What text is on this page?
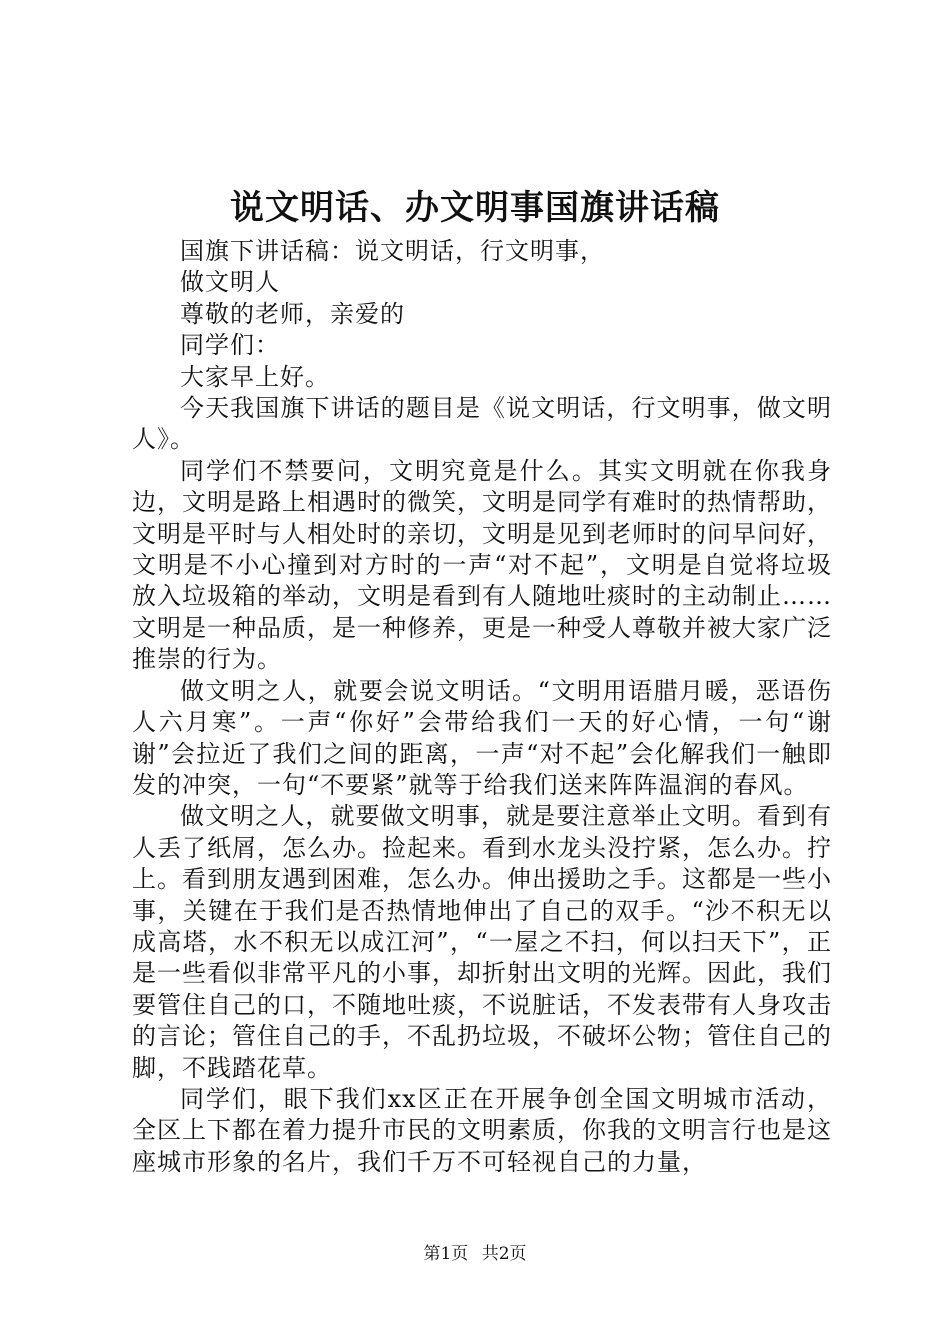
说文明话、办文明事国旗讲话稿

国旗下讲话稿：说文明话，行文明事，

做文明人

尊敬的老师，亲爱的

同学们：

大家早上好。

今天我国旗下讲话的题目是《说文明话，行文明事，做文明人》。

同学们不禁要问，文明究竟是什么。其实文明就在你我身边，文明是路上相遇时的微笑，文明是同学有难时的热情帮助，文明是平时与人相处时的亲切，文明是见到老师时的问早问好，文明是不小心撞到对方时的一声“对不起”，文明是自觉将垃圾放入垃圾箱的举动，文明是看到有人随地吐痰时的主动制止……文明是一种品质，是一种修养，更是一种受人尊敬并被大家广泛推崇的行为。

做文明之人，就要会说文明话。“文明用语腊月暖，恶语伤人六月寒”。一声“你好”会带给我们一天的好心情，一句“谢谢”会拉近了我们之间的距离，一声“对不起”会化解我们一触即发的冲突，一句“不要紧”就等于给我们送来阵阵温润的春风。

做文明之人，就要做文明事，就是要注意举止文明。看到有人丢了纸屑，怎么办。捡起来。看到水龙头没拧紧，怎么办。拧上。看到朋友遇到困难，怎么办。伸出援助之手。这都是一些小事，关键在于我们是否热情地伸出了自己的双手。“沙不积无以成高塔，水不积无以成江河”，“一屋之不扫，何以扫天下”，正是一些看似非常平凡的小事，却折射出文明的光辉。因此，我们要管住自己的口，不随地吐痰，不说脏话，不发表带有人身攻击的言论；管住自己的手，不乱扔垃圾，不破坏公物；管住自己的脚，不践踏花草。

同学们，眼下我们xx区正在开展争创全国文明城市活动，全区上下都在着力提升市民的文明素质，你我的文明言行也是这座城市形象的名片，我们千万不可轻视自己的力量，

第1页 共2页
